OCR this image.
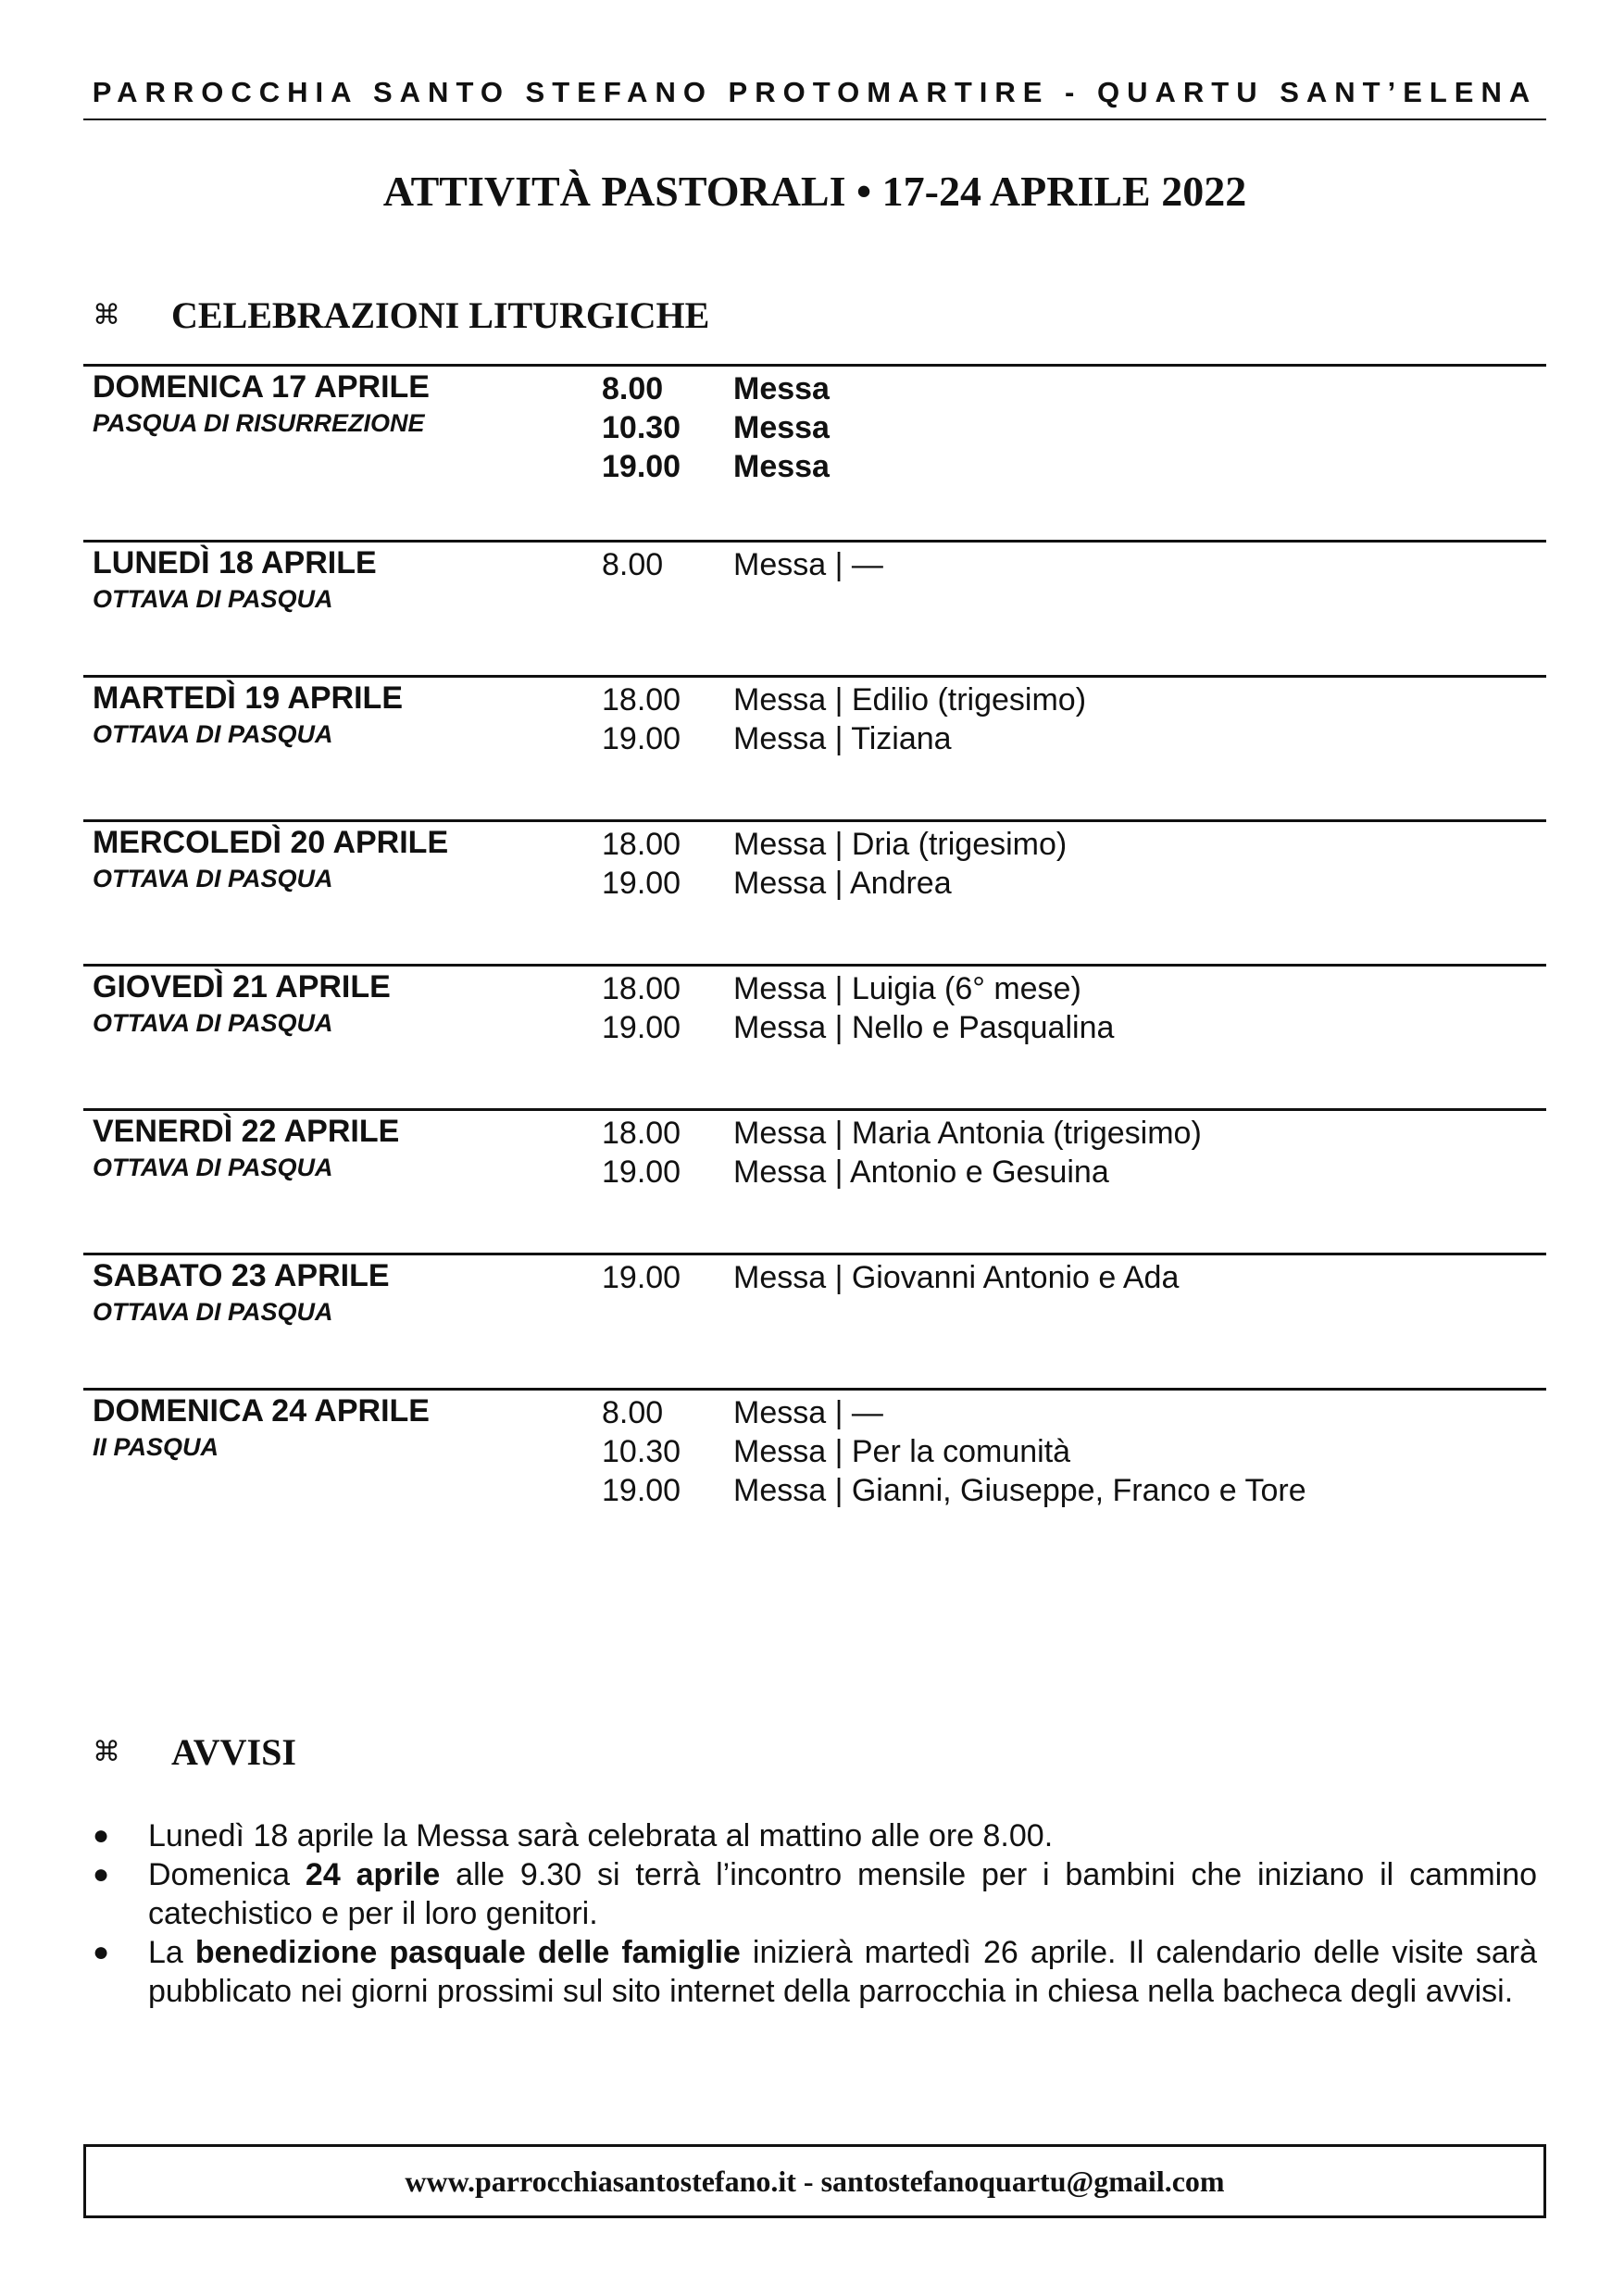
PARROCCHIA SANTO STEFANO PROTOMARTIRE - QUARTU SANT’ELENA
ATTIVITÀ PASTORALI • 17-24 APRILE 2022
⌘	CELEBRAZIONI LITURGICHE
DOMENICA 17 APRILE
PASQUA DI RISURREZIONE
8.00 Messa
10.30 Messa
19.00 Messa
LUNEDÌ 18 APRILE
OTTAVA DI PASQUA
8.00 Messa | —
MARTEDÌ 19 APRILE
OTTAVA DI PASQUA
18.00 Messa | Edilio (trigesimo)
19.00 Messa | Tiziana
MERCOLEDÌ 20 APRILE
OTTAVA DI PASQUA
18.00 Messa | Dria (trigesimo)
19.00 Messa | Andrea
GIOVEDÌ 21 APRILE
OTTAVA DI PASQUA
18.00 Messa | Luigia (6° mese)
19.00 Messa | Nello e Pasqualina
VENERDÌ 22 APRILE
OTTAVA DI PASQUA
18.00 Messa | Maria Antonia (trigesimo)
19.00 Messa | Antonio e Gesuina
SABATO 23 APRILE
OTTAVA DI PASQUA
19.00 Messa | Giovanni Antonio e Ada
DOMENICA 24 APRILE
II PASQUA
8.00 Messa | —
10.30 Messa | Per la comunità
19.00 Messa | Gianni, Giuseppe, Franco e Tore
⌘	AVVISI
● Lunedì 18 aprile la Messa sarà celebrata al mattino alle ore 8.00.
● Domenica 24 aprile alle 9.30 si terrà l’incontro mensile per i bambini che iniziano il cammino catechistico e per il loro genitori.
● La benedizione pasquale delle famiglie inizierà martedì 26 aprile. Il calendario delle visite sarà pubblicato nei giorni prossimi sul sito internet della parrocchia in chiesa nella bacheca degli avvisi.
www.parrocchiasantostefano.it - santostefanoquartu@gmail.com
